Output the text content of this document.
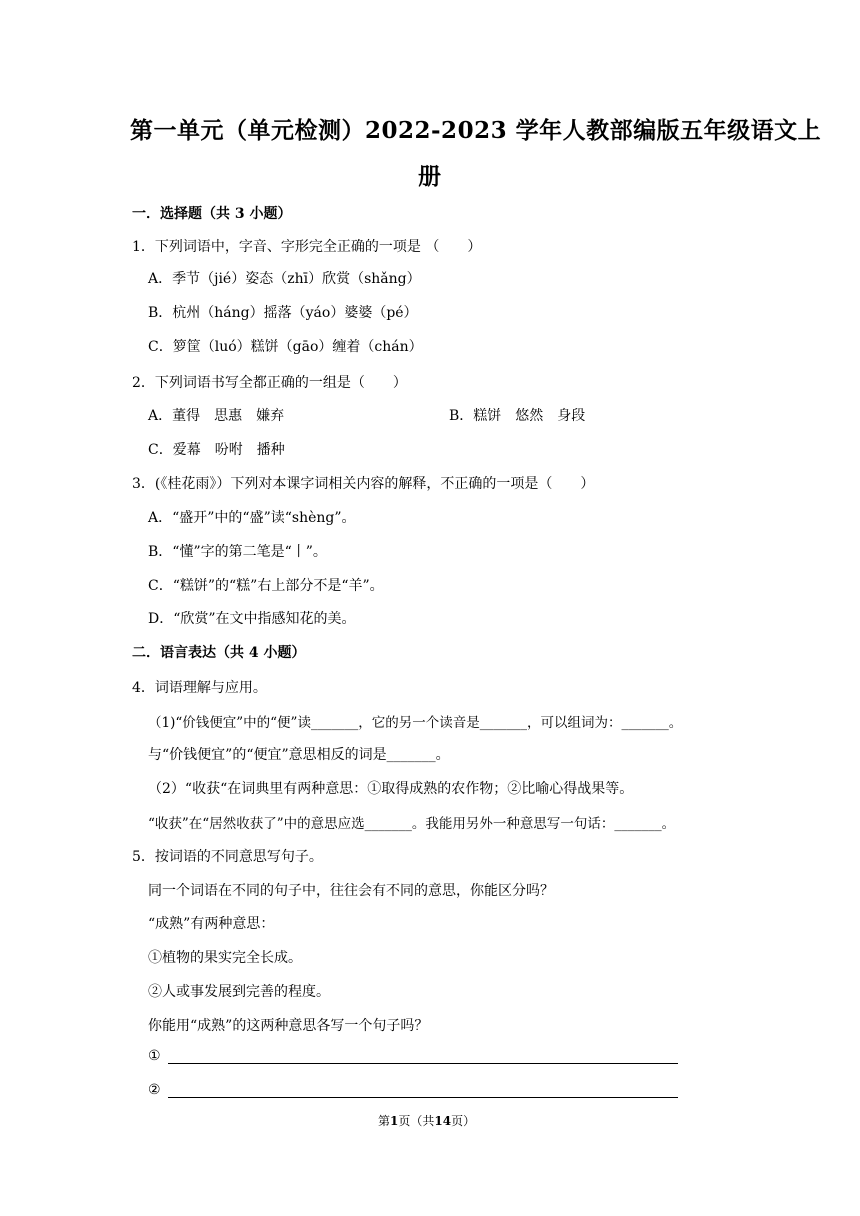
第一单元（单元检测）2022-2023 学年人教部编版五年级语文上
册
一．选择题（共 3 小题）
1．下列词语中，字音、字形完全正确的一项是 （　　）
A．季节（jié）姿态（zhī）欣赏（shǎng）
B．杭州（háng）摇落（yáo）婆婆（pé）
C．箩筐（luó）糕饼（gāo）缠着（chán）
2．下列词语书写全都正确的一组是（　　）
A．董得　思惠　嫌弃	B．糕饼　悠然　身段
C．爱幕　吩咐　播种
3．(《桂花雨》）下列对本课字词相关内容的解释，不正确的一项是（　　）
A．“盛开”中的“盛”读“shèng”。
B．“懂”字的第二笔是“丨”。
C．“糕饼”的“糕”右上部分不是“羊”。
D．“欣赏”在文中指感知花的美。
二．语言表达（共 4 小题）
4．词语理解与应用。
（1)“价钱便宜”中的“便”读_______，它的另一个读音是_______，可以组词为：_______。
与“价钱便宜”的“便宜”意思相反的词是_______。
（2）“收获“在词典里有两种意思：①取得成熟的农作物；②比喻心得战果等。
“收获”在“居然收获了”中的意思应选_______。我能用另外一种意思写一句话：_______。
5．按词语的不同意思写句子。
同一个词语在不同的句子中，往往会有不同的意思，你能区分吗？
“成熟”有两种意思：
①植物的果实完全长成。
②人或事发展到完善的程度。
你能用“成熟”的这两种意思各写一个句子吗？
①
②
第1页（共14页）
